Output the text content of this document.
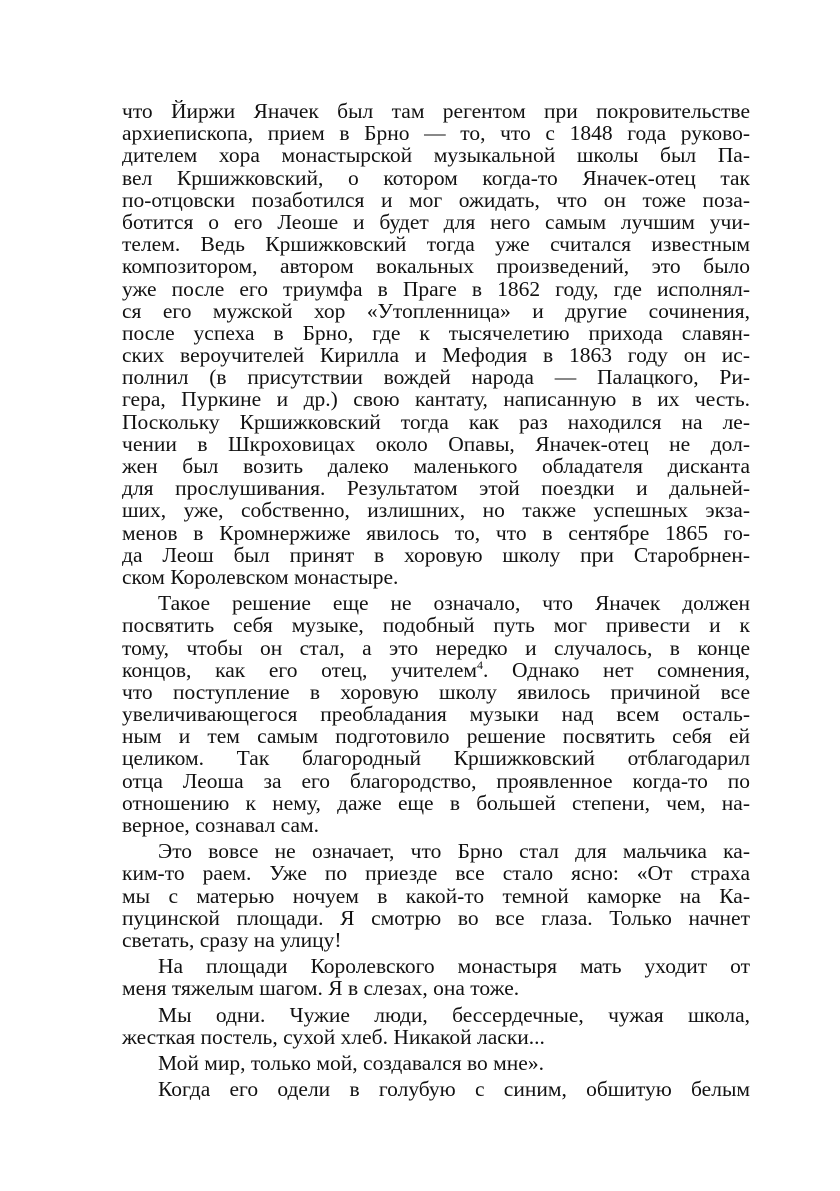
что Йиржи Яначек был там регентом при покровительстве
архиепископа, прием в Брно — то, что с 1848 года руково-
дителем хора монастырской музыкальной школы был Па-
вел Кршижковский, о котором когда-то Яначек-отец так
по-отцовски позаботился и мог ожидать, что он тоже поза-
ботится о его Леоше и будет для него самым лучшим учи-
телем. Ведь Кршижковский тогда уже считался известным
композитором, автором вокальных произведений, это было
уже после его триумфа в Праге в 1862 году, где исполнял-
ся его мужской хор «Утопленница» и другие сочинения,
после успеха в Брно, где к тысячелетию прихода славян-
ских вероучителей Кирилла и Мефодия в 1863 году он ис-
полнил (в присутствии вождей народа — Палацкого, Ри-
гера, Пуркине и др.) свою кантату, написанную в их честь.
Поскольку Кршижковский тогда как раз находился на ле-
чении в Шкроховицах около Опавы, Яначек-отец не дол-
жен был возить далеко маленького обладателя дисканта
для прослушивания. Результатом этой поездки и дальней-
ших, уже, собственно, излишних, но также успешных экза-
менов в Кромнержиже явилось то, что в сентябре 1865 го-
да Леош был принят в хоровую школу при Старобрнен-
ском Королевском монастыре.
Такое решение еще не означало, что Яначек должен
посвятить себя музыке, подобный путь мог привести и к
тому, чтобы он стал, а это нередко и случалось, в конце
концов, как его отец, учителем$^4$. Однако нет сомнения,
что поступление в хоровую школу явилось причиной все
увеличивающегося преобладания музыки над всем осталь-
ным и тем самым подготовило решение посвятить себя ей
целиком. Так благородный Кршижковский отблагодарил
отца Леоша за его благородство, проявленное когда-то по
отношению к нему, даже еще в большей степени, чем, на-
верное, сознавал сам.
Это вовсе не означает, что Брно стал для мальчика ка-
ким-то раем. Уже по приезде все стало ясно: «От страха
мы с матерью ночуем в какой-то темной каморке на Ка-
пуцинской площади. Я смотрю во все глаза. Только начнет
светать, сразу на улицу!
На площади Королевского монастыря мать уходит от
меня тяжелым шагом. Я в слезах, она тоже.
Мы одни. Чужие люди, бессердечные, чужая школа,
жесткая постель, сухой хлеб. Никакой ласки...
Мой мир, только мой, создавался во мне».
Когда его одели в голубую с синим, обшитую белым
